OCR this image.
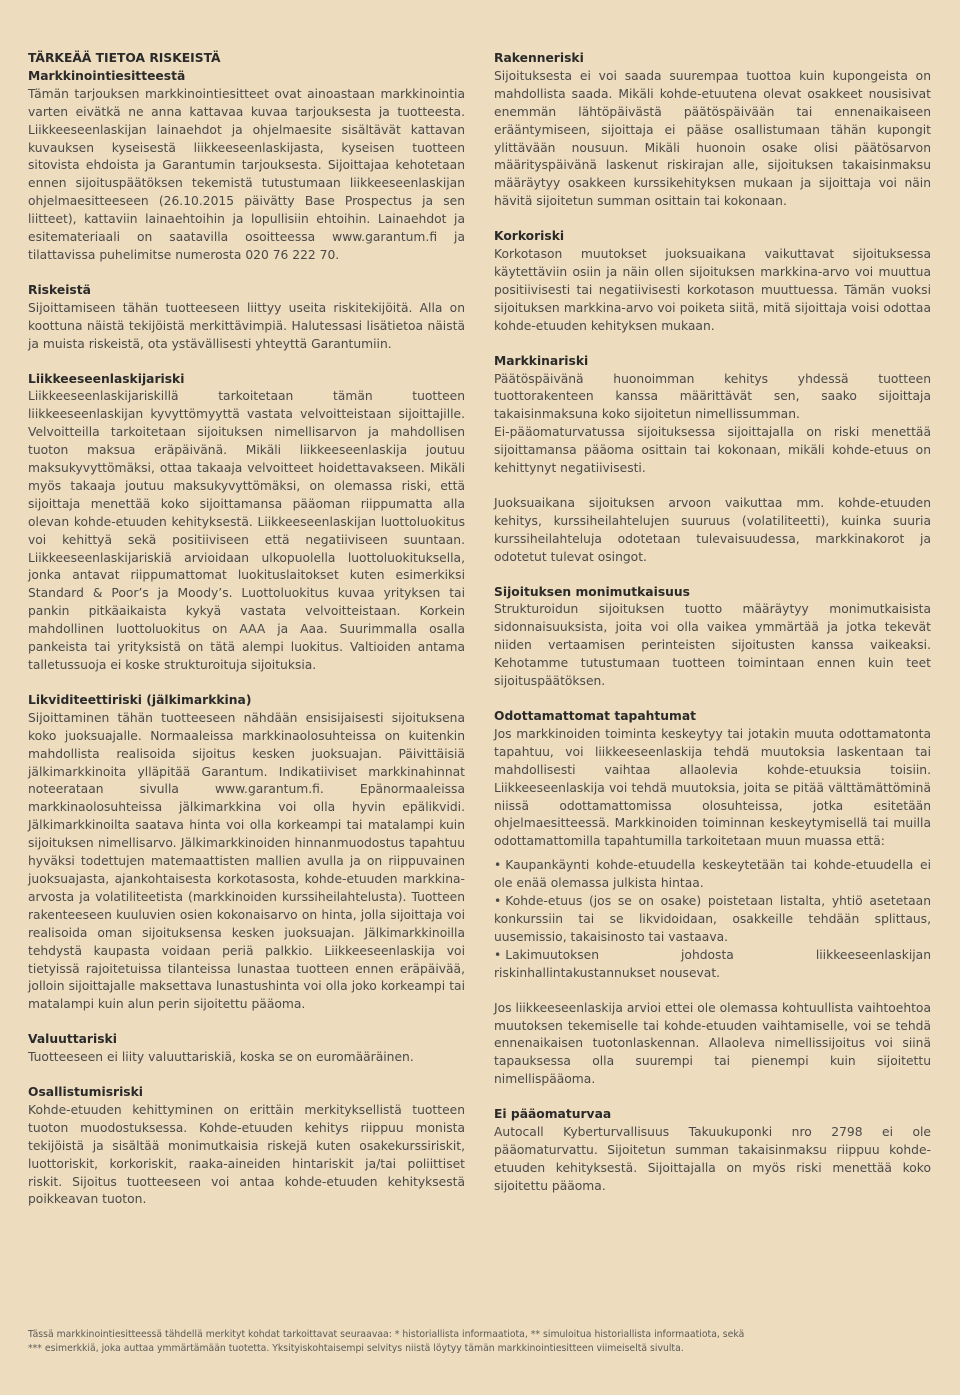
TÄRKEÄÄ TIETOA RISKEISTÄ
Markkinointiesitteestä

Tämän tarjouksen markkinointiesitteet ovat ainoastaan markkinointia varten eivätkä ne anna kattavaa kuvaa tarjouksesta ja tuotteesta. Liikkeeseenlaskijan lainaehdot ja ohjelmaesite sisältävät kattavan kuvauksen kyseisestä liikkeeseenlaskijasta, kyseisen tuotteen sitovista ehdoista ja Garantumin tarjouksesta. Sijoittajaa kehotetaan ennen sijoituspäätöksen tekemistä tutustumaan liikkeeseenlaskijan ohjelmaesitteeseen (26.10.2015 päivätty Base Prospectus ja sen liitteet), kattaviin lainaehtoihin ja lopullisiin ehtoihin. Lainaehdot ja esitemateriaali on saatavilla osoitteessa www.garantum.fi ja tilattavissa puhelimitse numerosta 020 76 222 70.

Riskeistä

Sijoittamiseen tähän tuotteeseen liittyy useita riskitekijöitä. Alla on koottuna näistä tekijöistä merkittävimpiä. Halutessasi lisätietoa näistä ja muista riskeistä, ota ystävällisesti yhteyttä Garantumiin.

Liikkeeseenlaskijariski

Liikkeeseenlaskijariskillä tarkoitetaan tämän tuotteen liikkeeseenlaskijan kyvyttömyyttä vastata velvoitteistaan sijoittajille. Velvoitteilla tarkoitetaan sijoituksen nimellisarvon ja mahdollisen tuoton maksua eräpäivänä. Mikäli liikkeeseenlaskija joutuu maksukyvyttömäksi, ottaa takaaja velvoitteet hoidettavakseen. Mikäli myös takaaja joutuu maksukyvyttömäksi, on olemassa riski, että sijoittaja menettää koko sijoittamansa pääoman riippumatta alla olevan kohde-etuuden kehityksestä. Liikkeeseenlaskijan luottoluokitus voi kehittyä sekä positiiviseen että negatiiviseen suuntaan. Liikkeeseenlaskijariskiä arvioidaan ulkopuolella luottoluokituksella, jonka antavat riippumattomat luokituslaitokset kuten esimerkiksi Standard & Poor’s ja Moody’s. Luottoluokitus kuvaa yrityksen tai pankin pitkäaikaista kykyä vastata velvoitteistaan. Korkein mahdollinen luottoluokitus on AAA ja Aaa. Suurimmalla osalla pankeista tai yrityksistä on tätä alempi luokitus. Valtioiden antama talletussuoja ei koske strukturoituja sijoituksia.

Likviditeettiriski (jälkimarkkina)

Sijoittaminen tähän tuotteeseen nähdään ensisijaisesti sijoituksena koko juoksuajalle. Normaaleissa markkinaolosuhteissa on kuitenkin mahdollista realisoida sijoitus kesken juoksuajan. Päivittäisiä jälkimarkkinoita ylläpitää Garantum. Indikatiiviset markkinahinnat noteerataan sivulla www.garantum.fi. Epänormaaleissa markkinaolosuhteissa jälkimarkkina voi olla hyvin epälikvidi. Jälkimarkkinoilta saatava hinta voi olla korkeampi tai matalampi kuin sijoituksen nimellisarvo. Jälkimarkkinoiden hinnanmuodostus tapahtuu hyväksi todettujen matemaattisten mallien avulla ja on riippuvainen juoksuajasta, ajankohtaisesta korkotasosta, kohde-etuuden markkina-arvosta ja volatiliteetista (markkinoiden kurssiheilahtelusta). Tuotteen rakenteeseen kuuluvien osien kokonaisarvo on hinta, jolla sijoittaja voi realisoida oman sijoituksensa kesken juoksuajan. Jälkimarkkinoilla tehdystä kaupasta voidaan periä palkkio. Liikkeeseenlaskija voi tietyissä rajoitetuissa tilanteissa lunastaa tuotteen ennen eräpäivää, jolloin sijoittajalle maksettava lunastushinta voi olla joko korkeampi tai matalampi kuin alun perin sijoitettu pääoma.

Valuuttariski

Tuotteeseen ei liity valuuttariskiä, koska se on euromääräinen.

Osallistumisriski

Kohde-etuuden kehittyminen on erittäin merkityksellistä tuotteen tuoton muodostuksessa. Kohde-etuuden kehitys riippuu monista tekijöistä ja sisältää monimutkaisia riskejä kuten osakekurssiriskit, luottoriskit, korkoriskit, raaka-aineiden hintariskit ja/tai poliittiset riskit. Sijoitus tuotteeseen voi antaa kohde-etuuden kehityksestä poikkeavan tuoton.

Rakenneriski

Sijoituksesta ei voi saada suurempaa tuottoa kuin kupongeista on mahdollista saada. Mikäli kohde-etuutena olevat osakkeet nousisivat enemmän lähtöpäivästä päätöspäivään tai ennenaikaiseen erääntymiseen, sijoittaja ei pääse osallistumaan tähän kupongit ylittävään nousuun. Mikäli huonoin osake olisi päätösarvon määrityspäivänä laskenut riskirajan alle, sijoituksen takaisinmaksu määräytyy osakkeen kurssikehityksen mukaan ja sijoittaja voi näin hävitä sijoitetun summan osittain tai kokonaan.

Korkoriski

Korkotason muutokset juoksuaikana vaikuttavat sijoituksessa käytettäviin osiin ja näin ollen sijoituksen markkina-arvo voi muuttua positiivisesti tai negatiivisesti korkotason muuttuessa. Tämän vuoksi sijoituksen markkina-arvo voi poiketa siitä, mitä sijoittaja voisi odottaa kohde-etuuden kehityksen mukaan.

Markkinariski
Päätöspäivänä huonoimman kehitys yhdessä tuotteen tuottorakenteen kanssa määrittävät sen, saako sijoittaja takaisinmaksuna koko sijoitetun nimellissumman.
Ei-pääomaturvatussa sijoituksessa sijoittajalla on riski menettää sijoittamansa pääoma osittain tai kokonaan, mikäli kohde-etuus on kehittynyt negatiivisesti.
Juoksuaikana sijoituksen arvoon vaikuttaa mm. kohde-etuuden kehitys, kurssiheilahtelujen suuruus (volatiliteetti), kuinka suuria kurssiheilahteluja odotetaan tulevaisuudessa, markkinakorot ja odotetut tulevat osingot.
Sijoituksen monimutkaisuus

Strukturoidun sijoituksen tuotto määräytyy monimutkaisista sidonnaisuuksista, joita voi olla vaikea ymmärtää ja jotka tekevät niiden vertaamisen perinteisten sijoitusten kanssa vaikeaksi. Kehotamme tutustumaan tuotteen toimintaan ennen kuin teet sijoituspäätöksen.

Odottamattomat tapahtumat

Jos markkinoiden toiminta keskeytyy tai jotakin muuta odottamatonta tapahtuu, voi liikkeeseenlaskija tehdä muutoksia laskentaan tai mahdollisesti vaihtaa allaolevia kohde-etuuksia toisiin. Liikkeeseenlaskija voi tehdä muutoksia, joita se pitää välttämättöminä niissä odottamattomissa olosuhteissa, jotka esitetään ohjelmaesitteessä. Markkinoiden toiminnan keskeytymisellä tai muilla odottamattomilla tapahtumilla tarkoitetaan muun muassa että:

• Kaupankäynti kohde-etuudella keskeytetään tai kohde-etuudella ei ole enää olemassa julkista hintaa.
• Kohde-etuus (jos se on osake) poistetaan listalta, yhtiö asetetaan konkurssiin tai se likvidoidaan, osakkeille tehdään splittaus, uusemissio, takaisinosto tai vastaava.
• Lakimuutoksen johdosta liikkeeseenlaskijan riskinhallintakustannukset nousevat.

Jos liikkeeseenlaskija arvioi ettei ole olemassa kohtuullista vaihtoehtoa muutoksen tekemiselle tai kohde-etuuden vaihtamiselle, voi se tehdä ennenaikaisen tuotonlaskennan. Allaoleva nimellissijoitus voi siinä tapauksessa olla suurempi tai pienempi kuin sijoitettu nimellispääoma.

Ei pääomaturvaa

Autocall Kyberturvallisuus Takuukuponki nro 2798 ei ole pääomaturvattu. Sijoitetun summan takaisinmaksu riippuu kohde-etuuden kehityksestä. Sijoittajalla on myös riski menettää koko sijoitettu pääoma.

Tässä markkinointiesitteessä tähdellä merkityt kohdat tarkoittavat seuraavaa: * historiallista informaatiota, ** simuloitua historiallista informaatiota, sekä
*** esimerkkiä, joka auttaa ymmärtämään tuotetta. Yksityiskohtaisempi selvitys niistä löytyy tämän markkinointiesitteen viimeiseltä sivulta.
